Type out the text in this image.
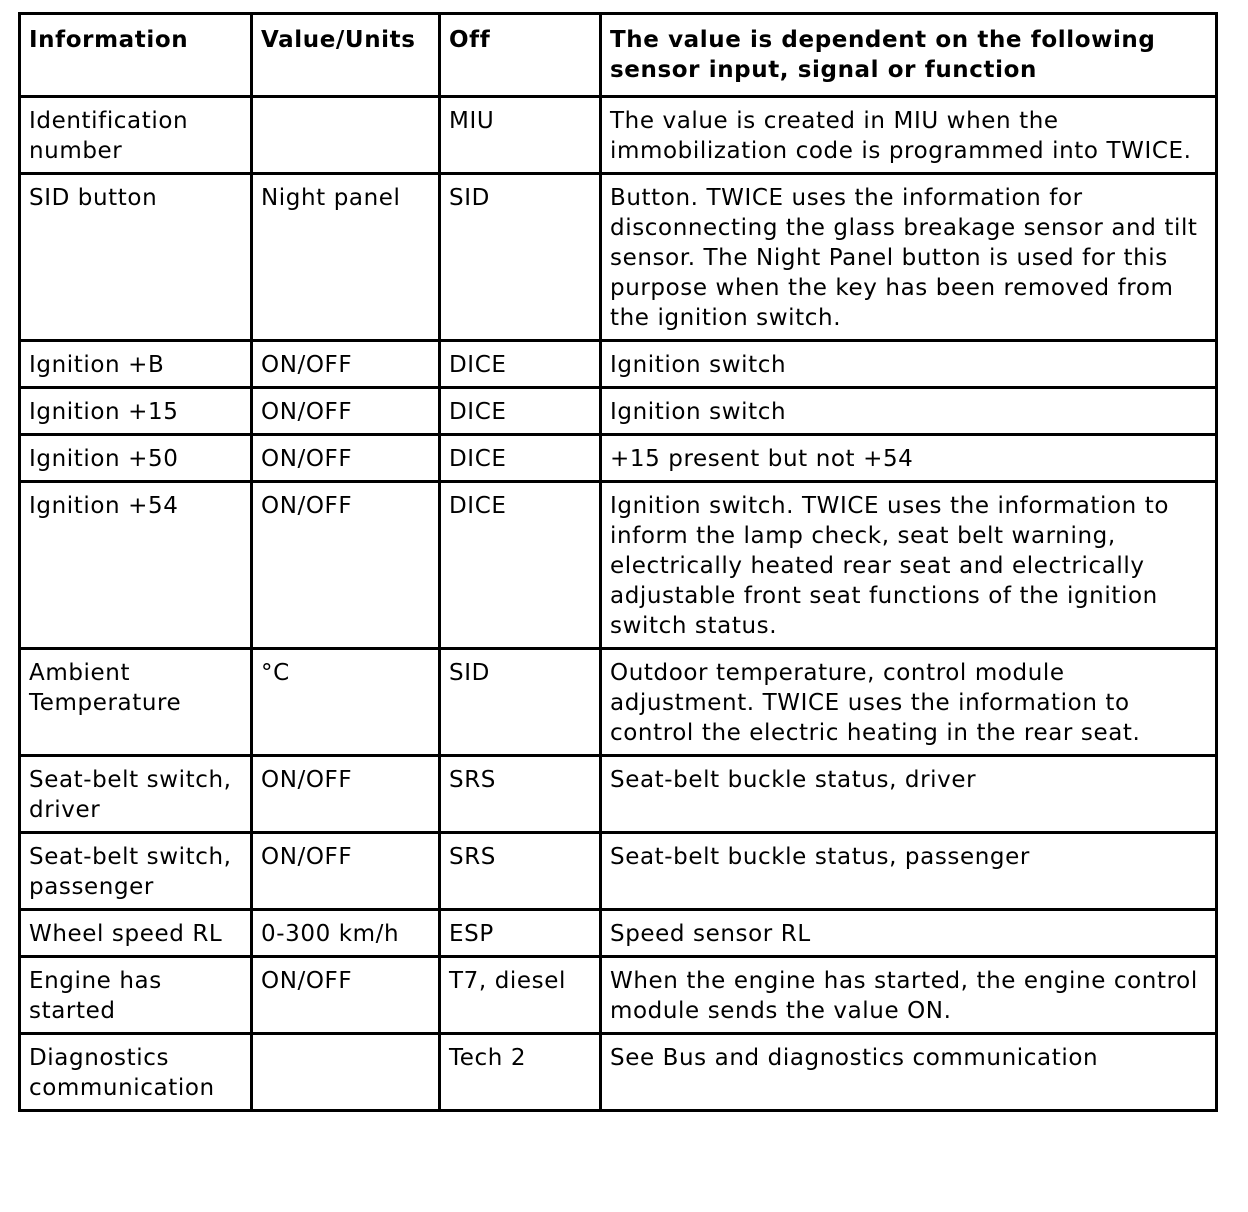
Information	Value/Units	Off	The value is dependent on the following sensor input, signal or function
Identification number		MIU	The value is created in MIU when the immobilization code is programmed into TWICE.
SID button	Night panel	SID	Button. TWICE uses the information for disconnecting the glass breakage sensor and tilt sensor. The Night Panel button is used for this purpose when the key has been removed from the ignition switch.
Ignition +B	ON/OFF	DICE	Ignition switch
Ignition +15	ON/OFF	DICE	Ignition switch
Ignition +50	ON/OFF	DICE	+15 present but not +54
Ignition +54	ON/OFF	DICE	Ignition switch. TWICE uses the information to inform the lamp check, seat belt warning, electrically heated rear seat and electrically adjustable front seat functions of the ignition switch status.
Ambient Temperature	°C	SID	Outdoor temperature, control module adjustment. TWICE uses the information to control the electric heating in the rear seat.
Seat-belt switch, driver	ON/OFF	SRS	Seat-belt buckle status, driver
Seat-belt switch, passenger	ON/OFF	SRS	Seat-belt buckle status, passenger
Wheel speed RL	0-300 km/h	ESP	Speed sensor RL
Engine has started	ON/OFF	T7, diesel	When the engine has started, the engine control module sends the value ON.
Diagnostics communication		Tech 2	See Bus and diagnostics communication
